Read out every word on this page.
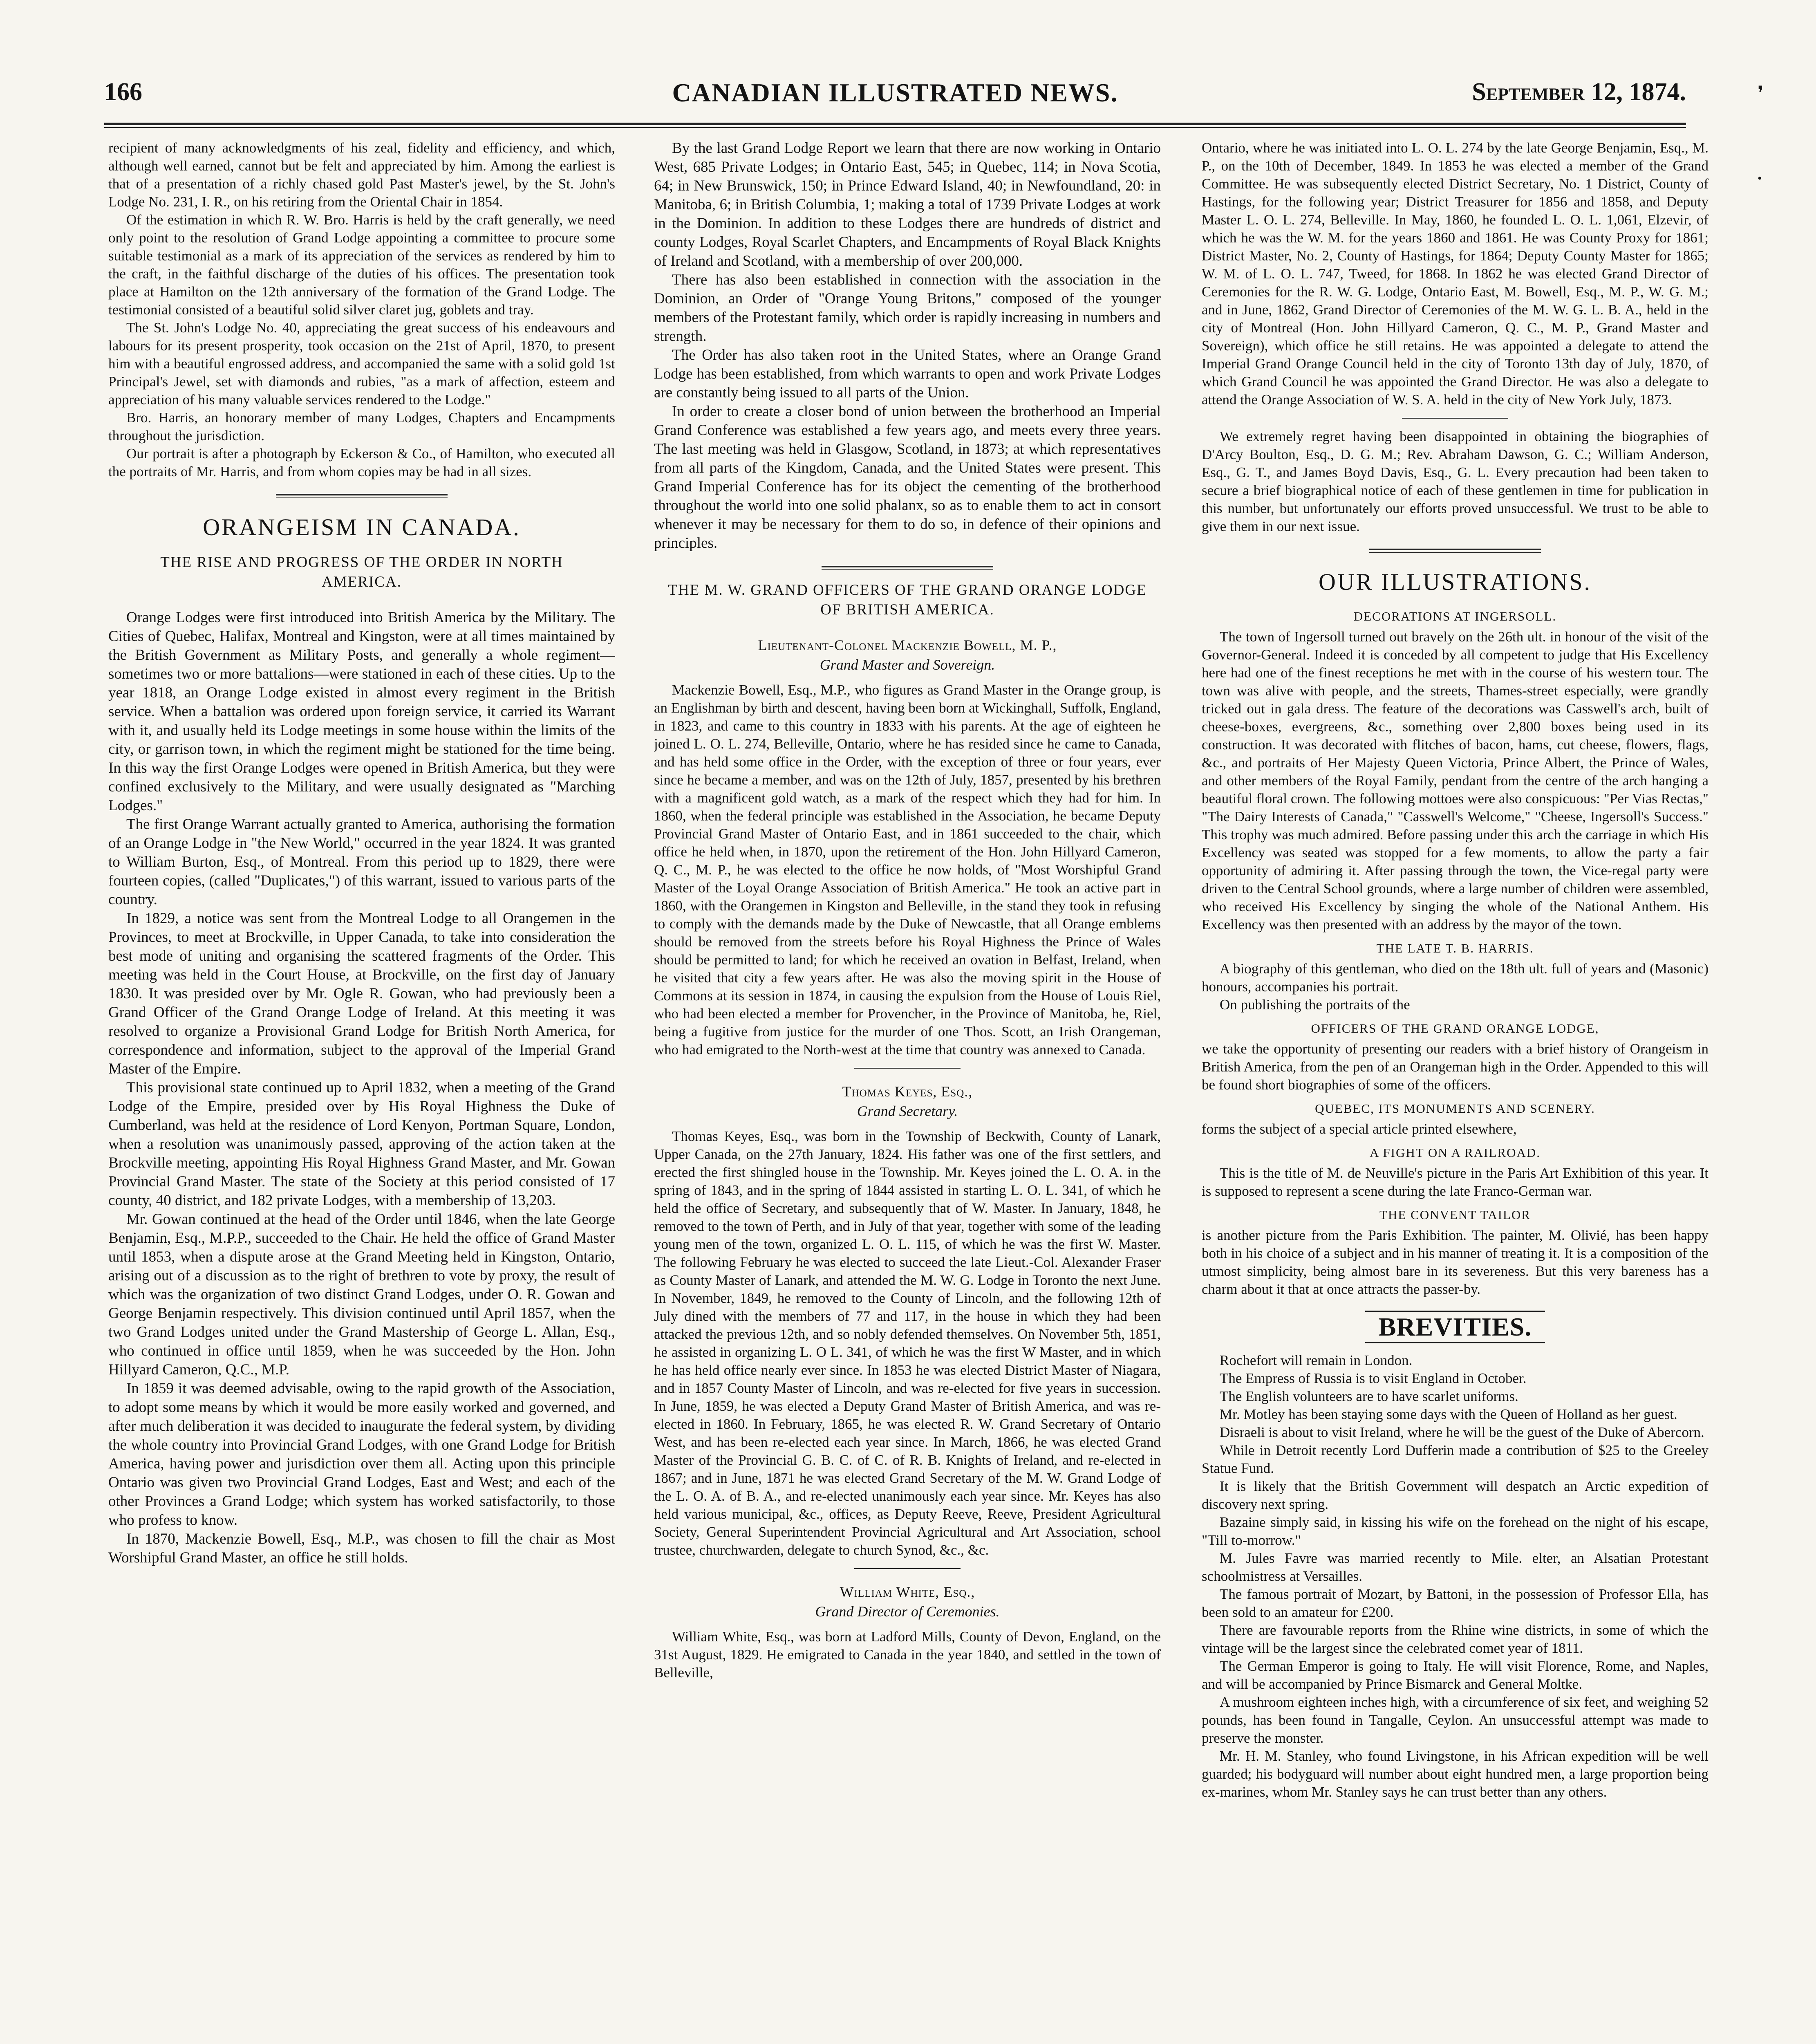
166	CANADIAN ILLUSTRATED NEWS.	September 12, 1874.	❜
•

recipient of many acknowledgments of his zeal, fidelity and efficiency, and which, although well earned, cannot but be felt and appreciated by him. Among the earliest is that of a presentation of a richly chased gold Past Master's jewel, by the St. John's Lodge No. 231, I. R., on his retiring from the Oriental Chair in 1854.

Of the estimation in which R. W. Bro. Harris is held by the craft generally, we need only point to the resolution of Grand Lodge appointing a committee to procure some suitable testimonial as a mark of its appreciation of the services as rendered by him to the craft, in the faithful discharge of the duties of his offices. The presentation took place at Hamilton on the 12th anniversary of the formation of the Grand Lodge. The testimonial consisted of a beautiful solid silver claret jug, goblets and tray.

The St. John's Lodge No. 40, appreciating the great success of his endeavours and labours for its present prosperity, took occasion on the 21st of April, 1870, to present him with a beautiful engrossed address, and accompanied the same with a solid gold 1st Principal's Jewel, set with diamonds and rubies, "as a mark of affection, esteem and appreciation of his many valuable services rendered to the Lodge."

Bro. Harris, an honorary member of many Lodges, Chapters and Encampments throughout the jurisdiction.

Our portrait is after a photograph by Eckerson & Co., of Hamilton, who executed all the portraits of Mr. Harris, and from whom copies may be had in all sizes.

ORANGEISM IN CANADA.
THE RISE AND PROGRESS OF THE ORDER IN NORTH AMERICA.

Orange Lodges were first introduced into British America by the Military. The Cities of Quebec, Halifax, Montreal and Kingston, were at all times maintained by the British Government as Military Posts, and generally a whole regiment—sometimes two or more battalions—were stationed in each of these cities. Up to the year 1818, an Orange Lodge existed in almost every regiment in the British service. When a battalion was ordered upon foreign service, it carried its Warrant with it, and usually held its Lodge meetings in some house within the limits of the city, or garrison town, in which the regiment might be stationed for the time being. In this way the first Orange Lodges were opened in British America, but they were confined exclusively to the Military, and were usually designated as "Marching Lodges."

The first Orange Warrant actually granted to America, authorising the formation of an Orange Lodge in "the New World," occurred in the year 1824. It was granted to William Burton, Esq., of Montreal. From this period up to 1829, there were fourteen copies, (called "Duplicates,") of this warrant, issued to various parts of the country.

In 1829, a notice was sent from the Montreal Lodge to all Orangemen in the Provinces, to meet at Brockville, in Upper Canada, to take into consideration the best mode of uniting and organising the scattered fragments of the Order. This meeting was held in the Court House, at Brockville, on the first day of January 1830. It was presided over by Mr. Ogle R. Gowan, who had previously been a Grand Officer of the Grand Orange Lodge of Ireland. At this meeting it was resolved to organize a Provisional Grand Lodge for British North America, for correspondence and information, subject to the approval of the Imperial Grand Master of the Empire.

This provisional state continued up to April 1832, when a meeting of the Grand Lodge of the Empire, presided over by His Royal Highness the Duke of Cumberland, was held at the residence of Lord Kenyon, Portman Square, London, when a resolution was unanimously passed, approving of the action taken at the Brockville meeting, appointing His Royal Highness Grand Master, and Mr. Gowan Provincial Grand Master. The state of the Society at this period consisted of 17 county, 40 district, and 182 private Lodges, with a membership of 13,203.

Mr. Gowan continued at the head of the Order until 1846, when the late George Benjamin, Esq., M.P.P., succeeded to the Chair. He held the office of Grand Master until 1853, when a dispute arose at the Grand Meeting held in Kingston, Ontario, arising out of a discussion as to the right of brethren to vote by proxy, the result of which was the organization of two distinct Grand Lodges, under O. R. Gowan and George Benjamin respectively. This division continued until April 1857, when the two Grand Lodges united under the Grand Mastership of George L. Allan, Esq., who continued in office until 1859, when he was succeeded by the Hon. John Hillyard Cameron, Q.C., M.P.

In 1859 it was deemed advisable, owing to the rapid growth of the Association, to adopt some means by which it would be more easily worked and governed, and after much deliberation it was decided to inaugurate the federal system, by dividing the whole country into Provincial Grand Lodges, with one Grand Lodge for British America, having power and jurisdiction over them all. Acting upon this principle Ontario was given two Provincial Grand Lodges, East and West; and each of the other Provinces a Grand Lodge; which system has worked satisfactorily, to those who profess to know.

In 1870, Mackenzie Bowell, Esq., M.P., was chosen to fill the chair as Most Worshipful Grand Master, an office he still holds.

By the last Grand Lodge Report we learn that there are now working in Ontario West, 685 Private Lodges; in Ontario East, 545; in Quebec, 114; in Nova Scotia, 64; in New Brunswick, 150; in Prince Edward Island, 40; in Newfoundland, 20: in Manitoba, 6; in British Columbia, 1; making a total of 1739 Private Lodges at work in the Dominion. In addition to these Lodges there are hundreds of district and county Lodges, Royal Scarlet Chapters, and Encampments of Royal Black Knights of Ireland and Scotland, with a membership of over 200,000.

There has also been established in connection with the association in the Dominion, an Order of "Orange Young Britons," composed of the younger members of the Protestant family, which order is rapidly increasing in numbers and strength.

The Order has also taken root in the United States, where an Orange Grand Lodge has been established, from which warrants to open and work Private Lodges are constantly being issued to all parts of the Union.

In order to create a closer bond of union between the brotherhood an Imperial Grand Conference was established a few years ago, and meets every three years. The last meeting was held in Glasgow, Scotland, in 1873; at which representatives from all parts of the Kingdom, Canada, and the United States were present. This Grand Imperial Conference has for its object the cementing of the brotherhood throughout the world into one solid phalanx, so as to enable them to act in consort whenever it may be necessary for them to do so, in defence of their opinions and principles.

THE M. W. GRAND OFFICERS OF THE GRAND ORANGE LODGE OF BRITISH AMERICA.
Lieutenant-Colonel Mackenzie Bowell, M. P.,
Grand Master and Sovereign.

Mackenzie Bowell, Esq., M.P., who figures as Grand Master in the Orange group, is an Englishman by birth and descent, having been born at Wickinghall, Suffolk, England, in 1823, and came to this country in 1833 with his parents. At the age of eighteen he joined L. O. L. 274, Belleville, Ontario, where he has resided since he came to Canada, and has held some office in the Order, with the exception of three or four years, ever since he became a member, and was on the 12th of July, 1857, presented by his brethren with a magnificent gold watch, as a mark of the respect which they had for him. In 1860, when the federal principle was established in the Association, he became Deputy Provincial Grand Master of Ontario East, and in 1861 succeeded to the chair, which office he held when, in 1870, upon the retirement of the Hon. John Hillyard Cameron, Q. C., M. P., he was elected to the office he now holds, of "Most Worshipful Grand Master of the Loyal Orange Association of British America." He took an active part in 1860, with the Orangemen in Kingston and Belleville, in the stand they took in refusing to comply with the demands made by the Duke of Newcastle, that all Orange emblems should be removed from the streets before his Royal Highness the Prince of Wales should be permitted to land; for which he received an ovation in Belfast, Ireland, when he visited that city a few years after. He was also the moving spirit in the House of Commons at its session in 1874, in causing the expulsion from the House of Louis Riel, who had been elected a member for Provencher, in the Province of Manitoba, he, Riel, being a fugitive from justice for the murder of one Thos. Scott, an Irish Orangeman, who had emigrated to the North-west at the time that country was annexed to Canada.

Thomas Keyes, Esq.,
Grand Secretary.

Thomas Keyes, Esq., was born in the Township of Beckwith, County of Lanark, Upper Canada, on the 27th January, 1824. His father was one of the first settlers, and erected the first shingled house in the Township. Mr. Keyes joined the L. O. A. in the spring of 1843, and in the spring of 1844 assisted in starting L. O. L. 341, of which he held the office of Secretary, and subsequently that of W. Master. In January, 1848, he removed to the town of Perth, and in July of that year, together with some of the leading young men of the town, organized L. O. L. 115, of which he was the first W. Master. The following February he was elected to succeed the late Lieut.-Col. Alexander Fraser as County Master of Lanark, and attended the M. W. G. Lodge in Toronto the next June. In November, 1849, he removed to the County of Lincoln, and the following 12th of July dined with the members of 77 and 117, in the house in which they had been attacked the previous 12th, and so nobly defended themselves. On November 5th, 1851, he assisted in organizing L. O L. 341, of which he was the first W Master, and in which he has held office nearly ever since. In 1853 he was elected District Master of Niagara, and in 1857 County Master of Lincoln, and was re-elected for five years in succession. In June, 1859, he was elected a Deputy Grand Master of British America, and was re-elected in 1860. In February, 1865, he was elected R. W. Grand Secretary of Ontario West, and has been re-elected each year since. In March, 1866, he was elected Grand Master of the Provincial G. B. C. of C. of R. B. Knights of Ireland, and re-elected in 1867; and in June, 1871 he was elected Grand Secretary of the M. W. Grand Lodge of the L. O. A. of B. A., and re-elected unanimously each year since. Mr. Keyes has also held various municipal, &c., offices, as Deputy Reeve, Reeve, President Agricultural Society, General Superintendent Provincial Agricultural and Art Association, school trustee, churchwarden, delegate to church Synod, &c., &c.

William White, Esq.,
Grand Director of Ceremonies.

William White, Esq., was born at Ladford Mills, County of Devon, England, on the 31st August, 1829. He emigrated to Canada in the year 1840, and settled in the town of Belleville,

Ontario, where he was initiated into L. O. L. 274 by the late George Benjamin, Esq., M. P., on the 10th of December, 1849. In 1853 he was elected a member of the Grand Committee. He was subsequently elected District Secretary, No. 1 District, County of Hastings, for the following year; District Treasurer for 1856 and 1858, and Deputy Master L. O. L. 274, Belleville. In May, 1860, he founded L. O. L. 1,061, Elzevir, of which he was the W. M. for the years 1860 and 1861. He was County Proxy for 1861; District Master, No. 2, County of Hastings, for 1864; Deputy County Master for 1865; W. M. of L. O. L. 747, Tweed, for 1868. In 1862 he was elected Grand Director of Ceremonies for the R. W. G. Lodge, Ontario East, M. Bowell, Esq., M. P., W. G. M.; and in June, 1862, Grand Director of Ceremonies of the M. W. G. L. B. A., held in the city of Montreal (Hon. John Hillyard Cameron, Q. C., M. P., Grand Master and Sovereign), which office he still retains. He was appointed a delegate to attend the Imperial Grand Orange Council held in the city of Toronto 13th day of July, 1870, of which Grand Council he was appointed the Grand Director. He was also a delegate to attend the Orange Association of W. S. A. held in the city of New York July, 1873.

We extremely regret having been disappointed in obtaining the biographies of D'Arcy Boulton, Esq., D. G. M.; Rev. Abraham Dawson, G. C.; William Anderson, Esq., G. T., and James Boyd Davis, Esq., G. L. Every precaution had been taken to secure a brief biographical notice of each of these gentlemen in time for publication in this number, but unfortunately our efforts proved unsuccessful. We trust to be able to give them in our next issue.

OUR ILLUSTRATIONS.
DECORATIONS AT INGERSOLL.

The town of Ingersoll turned out bravely on the 26th ult. in honour of the visit of the Governor-General. Indeed it is conceded by all competent to judge that His Excellency here had one of the finest receptions he met with in the course of his western tour. The town was alive with people, and the streets, Thames-street especially, were grandly tricked out in gala dress. The feature of the decorations was Casswell's arch, built of cheese-boxes, evergreens, &c., something over 2,800 boxes being used in its construction. It was decorated with flitches of bacon, hams, cut cheese, flowers, flags, &c., and portraits of Her Majesty Queen Victoria, Prince Albert, the Prince of Wales, and other members of the Royal Family, pendant from the centre of the arch hanging a beautiful floral crown. The following mottoes were also conspicuous: "Per Vias Rectas," "The Dairy Interests of Canada," "Casswell's Welcome," "Cheese, Ingersoll's Success." This trophy was much admired. Before passing under this arch the carriage in which His Excellency was seated was stopped for a few moments, to allow the party a fair opportunity of admiring it. After passing through the town, the Vice-regal party were driven to the Central School grounds, where a large number of children were assembled, who received His Excellency by singing the whole of the National Anthem. His Excellency was then presented with an address by the mayor of the town.

THE LATE T. B. HARRIS.

A biography of this gentleman, who died on the 18th ult. full of years and (Masonic) honours, accompanies his portrait.

On publishing the portraits of the

OFFICERS OF THE GRAND ORANGE LODGE,

we take the opportunity of presenting our readers with a brief history of Orangeism in British America, from the pen of an Orangeman high in the Order. Appended to this will be found short biographies of some of the officers.

QUEBEC, ITS MONUMENTS AND SCENERY.

forms the subject of a special article printed elsewhere,

A FIGHT ON A RAILROAD.

This is the title of M. de Neuville's picture in the Paris Art Exhibition of this year. It is supposed to represent a scene during the late Franco-German war.

THE CONVENT TAILOR

is another picture from the Paris Exhibition. The painter, M. Olivié, has been happy both in his choice of a subject and in his manner of treating it. It is a composition of the utmost simplicity, being almost bare in its severeness. But this very bareness has a charm about it that at once attracts the passer-by.

BREVITIES.

Rochefort will remain in London.

The Empress of Russia is to visit England in October.

The English volunteers are to have scarlet uniforms.

Mr. Motley has been staying some days with the Queen of Holland as her guest.

Disraeli is about to visit Ireland, where he will be the guest of the Duke of Abercorn.

While in Detroit recently Lord Dufferin made a contribution of $25 to the Greeley Statue Fund.

It is likely that the British Government will despatch an Arctic expedition of discovery next spring.

Bazaine simply said, in kissing his wife on the forehead on the night of his escape, "Till to-morrow."

M. Jules Favre was married recently to Mile. elter, an Alsatian Protestant schoolmistress at Versailles.

The famous portrait of Mozart, by Battoni, in the possession of Professor Ella, has been sold to an amateur for £200.

There are favourable reports from the Rhine wine districts, in some of which the vintage will be the largest since the celebrated comet year of 1811.

The German Emperor is going to Italy. He will visit Florence, Rome, and Naples, and will be accompanied by Prince Bismarck and General Moltke.

A mushroom eighteen inches high, with a circumference of six feet, and weighing 52 pounds, has been found in Tangalle, Ceylon. An unsuccessful attempt was made to preserve the monster.

Mr. H. M. Stanley, who found Livingstone, in his African expedition will be well guarded; his bodyguard will number about eight hundred men, a large proportion being ex-marines, whom Mr. Stanley says he can trust better than any others.
